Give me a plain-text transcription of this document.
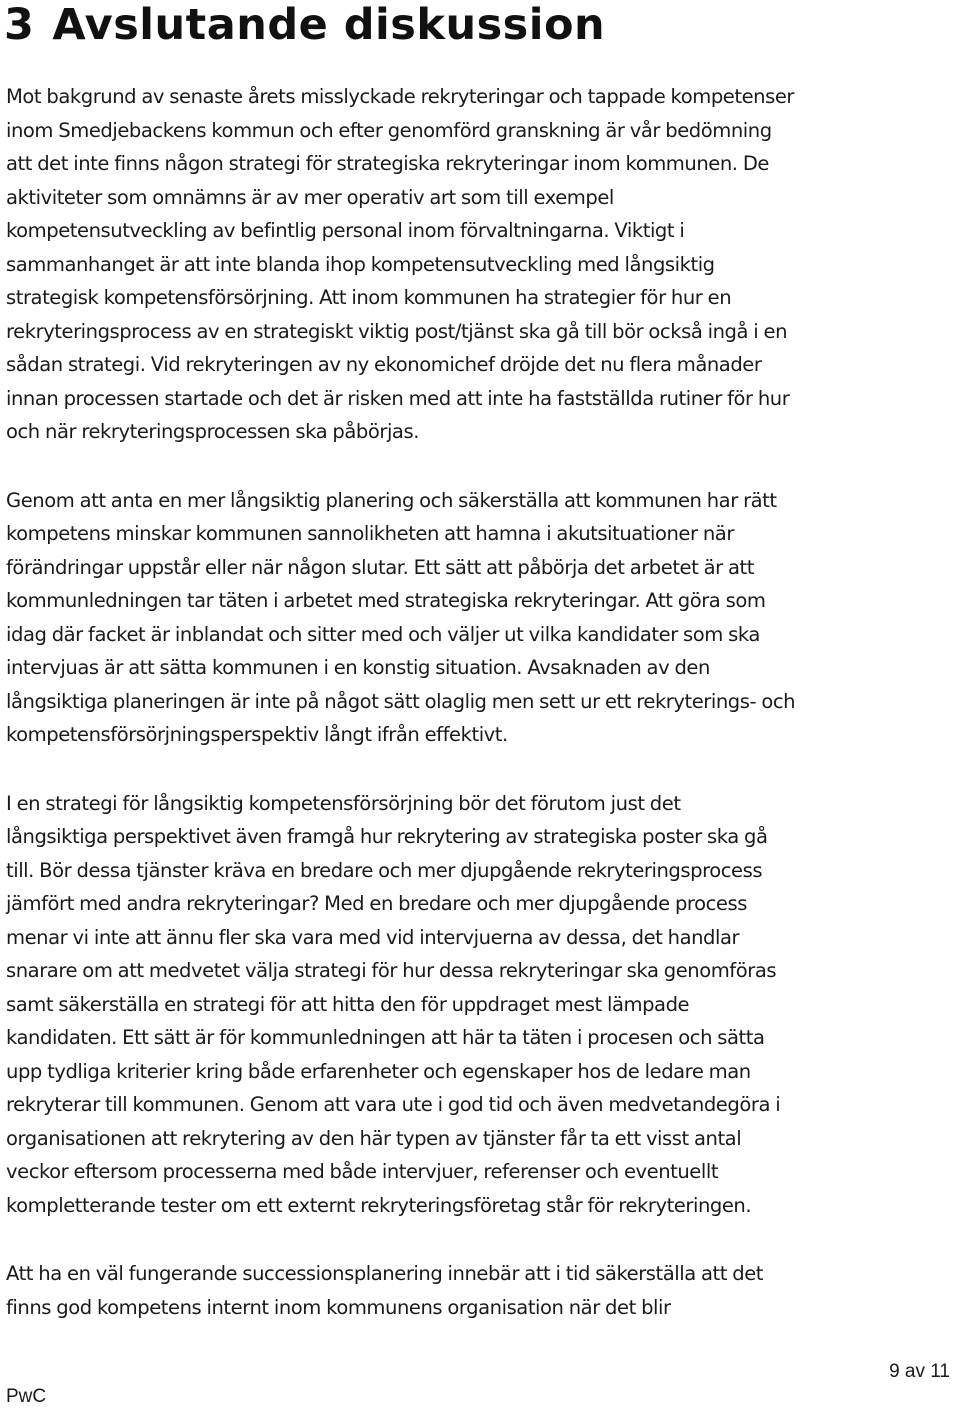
3 Avslutande diskussion

Mot bakgrund av senaste årets misslyckade rekryteringar och tappade kompetenser
inom Smedjebackens kommun och efter genomförd granskning är vår bedömning
att det inte finns någon strategi för strategiska rekryteringar inom kommunen. De
aktiviteter som omnämns är av mer operativ art som till exempel
kompetensutveckling av befintlig personal inom förvaltningarna. Viktigt i
sammanhanget är att inte blanda ihop kompetensutveckling med långsiktig
strategisk kompetensförsörjning. Att inom kommunen ha strategier för hur en
rekryteringsprocess av en strategiskt viktig post/tjänst ska gå till bör också ingå i en
sådan strategi. Vid rekryteringen av ny ekonomichef dröjde det nu flera månader
innan processen startade och det är risken med att inte ha fastställda rutiner för hur
och när rekryteringsprocessen ska påbörjas.

Genom att anta en mer långsiktig planering och säkerställa att kommunen har rätt
kompetens minskar kommunen sannolikheten att hamna i akutsituationer när
förändringar uppstår eller när någon slutar. Ett sätt att påbörja det arbetet är att
kommunledningen tar täten i arbetet med strategiska rekryteringar. Att göra som
idag där facket är inblandat och sitter med och väljer ut vilka kandidater som ska
intervjuas är att sätta kommunen i en konstig situation. Avsaknaden av den
långsiktiga planeringen är inte på något sätt olaglig men sett ur ett rekryterings- och
kompetensförsörjningsperspektiv långt ifrån effektivt.

I en strategi för långsiktig kompetensförsörjning bör det förutom just det
långsiktiga perspektivet även framgå hur rekrytering av strategiska poster ska gå
till. Bör dessa tjänster kräva en bredare och mer djupgående rekryteringsprocess
jämfört med andra rekryteringar? Med en bredare och mer djupgående process
menar vi inte att ännu fler ska vara med vid intervjuerna av dessa, det handlar
snarare om att medvetet välja strategi för hur dessa rekryteringar ska genomföras
samt säkerställa en strategi för att hitta den för uppdraget mest lämpade
kandidaten. Ett sätt är för kommunledningen att här ta täten i procesen och sätta
upp tydliga kriterier kring både erfarenheter och egenskaper hos de ledare man
rekryterar till kommunen. Genom att vara ute i god tid och även medvetandegöra i
organisationen att rekrytering av den här typen av tjänster får ta ett visst antal
veckor eftersom processerna med både intervjuer, referenser och eventuellt
kompletterande tester om ett externt rekryteringsföretag står för rekryteringen.

Att ha en väl fungerande successionsplanering innebär att i tid säkerställa att det
finns god kompetens internt inom kommunens organisation när det blir

9 av 11
PwC
